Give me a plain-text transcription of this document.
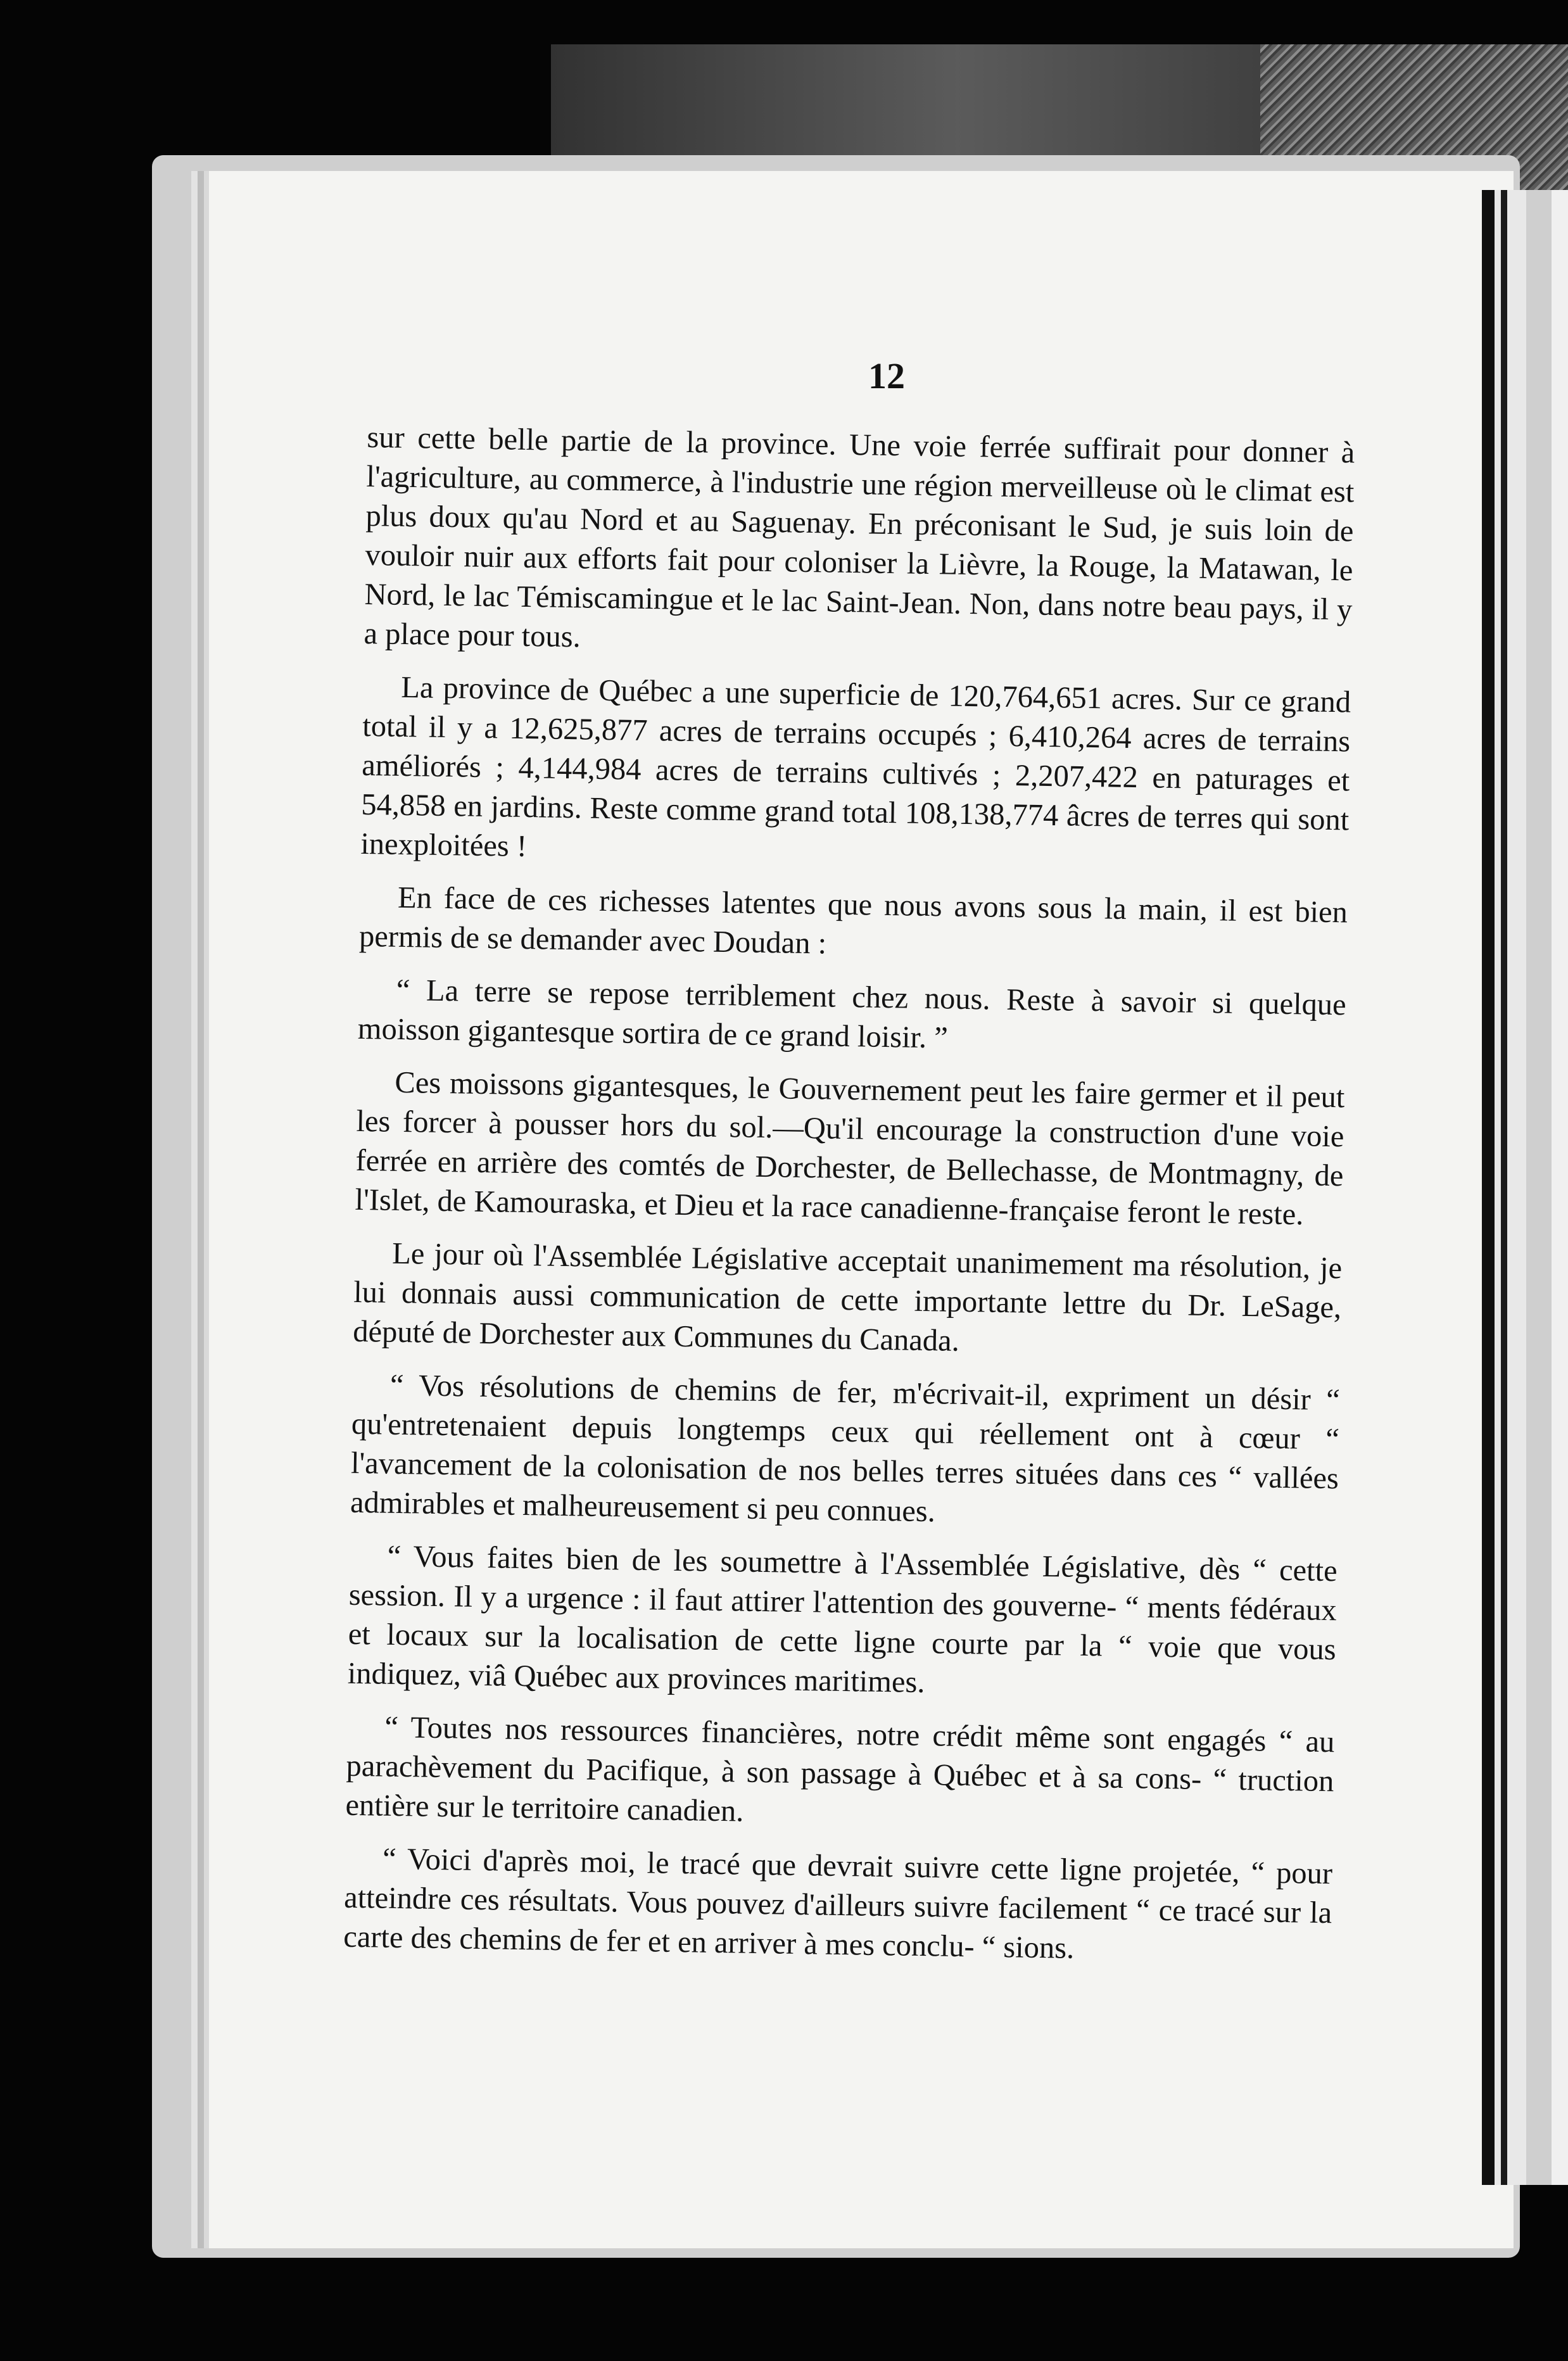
12

sur cette belle partie de la province. Une voie ferrée suffirait pour donner à l'agriculture, au commerce, à l'industrie une région merveilleuse où le climat est plus doux qu'au Nord et au Saguenay. En préconisant le Sud, je suis loin de vouloir nuir aux efforts fait pour coloniser la Lièvre, la Rouge, la Matawan, le Nord, le lac Témiscamingue et le lac Saint-Jean. Non, dans notre beau pays, il y a place pour tous.

La province de Québec a une superficie de 120,764,651 acres. Sur ce grand total il y a 12,625,877 acres de terrains occupés ; 6,410,264 acres de terrains améliorés ; 4,144,984 acres de terrains cultivés ; 2,207,422 en paturages et 54,858 en jardins. Reste comme grand total 108,138,774 âcres de terres qui sont inexploitées !

En face de ces richesses latentes que nous avons sous la main, il est bien permis de se demander avec Doudan :

“ La terre se repose terriblement chez nous. Reste à savoir si quelque moisson gigantesque sortira de ce grand loisir. ”

Ces moissons gigantesques, le Gouvernement peut les faire germer et il peut les forcer à pousser hors du sol.—Qu'il encourage la construction d'une voie ferrée en arrière des comtés de Dorchester, de Bellechasse, de Montmagny, de l'Islet, de Kamouraska, et Dieu et la race canadienne-française feront le reste.

Le jour où l'Assemblée Législative acceptait unanimement ma résolution, je lui donnais aussi communication de cette importante lettre du Dr. LeSage, député de Dorchester aux Communes du Canada.

“ Vos résolutions de chemins de fer, m'écrivait-il, expriment un désir “ qu'entretenaient depuis longtemps ceux qui réellement ont à cœur “ l'avancement de la colonisation de nos belles terres situées dans ces “ vallées admirables et malheureusement si peu connues.

“ Vous faites bien de les soumettre à l'Assemblée Législative, dès “ cette session. Il y a urgence : il faut attirer l'attention des gouverne- “ ments fédéraux et locaux sur la localisation de cette ligne courte par la “ voie que vous indiquez, viâ Québec aux provinces maritimes.

“ Toutes nos ressources financières, notre crédit même sont engagés “ au parachèvement du Pacifique, à son passage à Québec et à sa cons- “ truction entière sur le territoire canadien.

“ Voici d'après moi, le tracé que devrait suivre cette ligne projetée, “ pour atteindre ces résultats. Vous pouvez d'ailleurs suivre facilement “ ce tracé sur la carte des chemins de fer et en arriver à mes conclu- “ sions.
